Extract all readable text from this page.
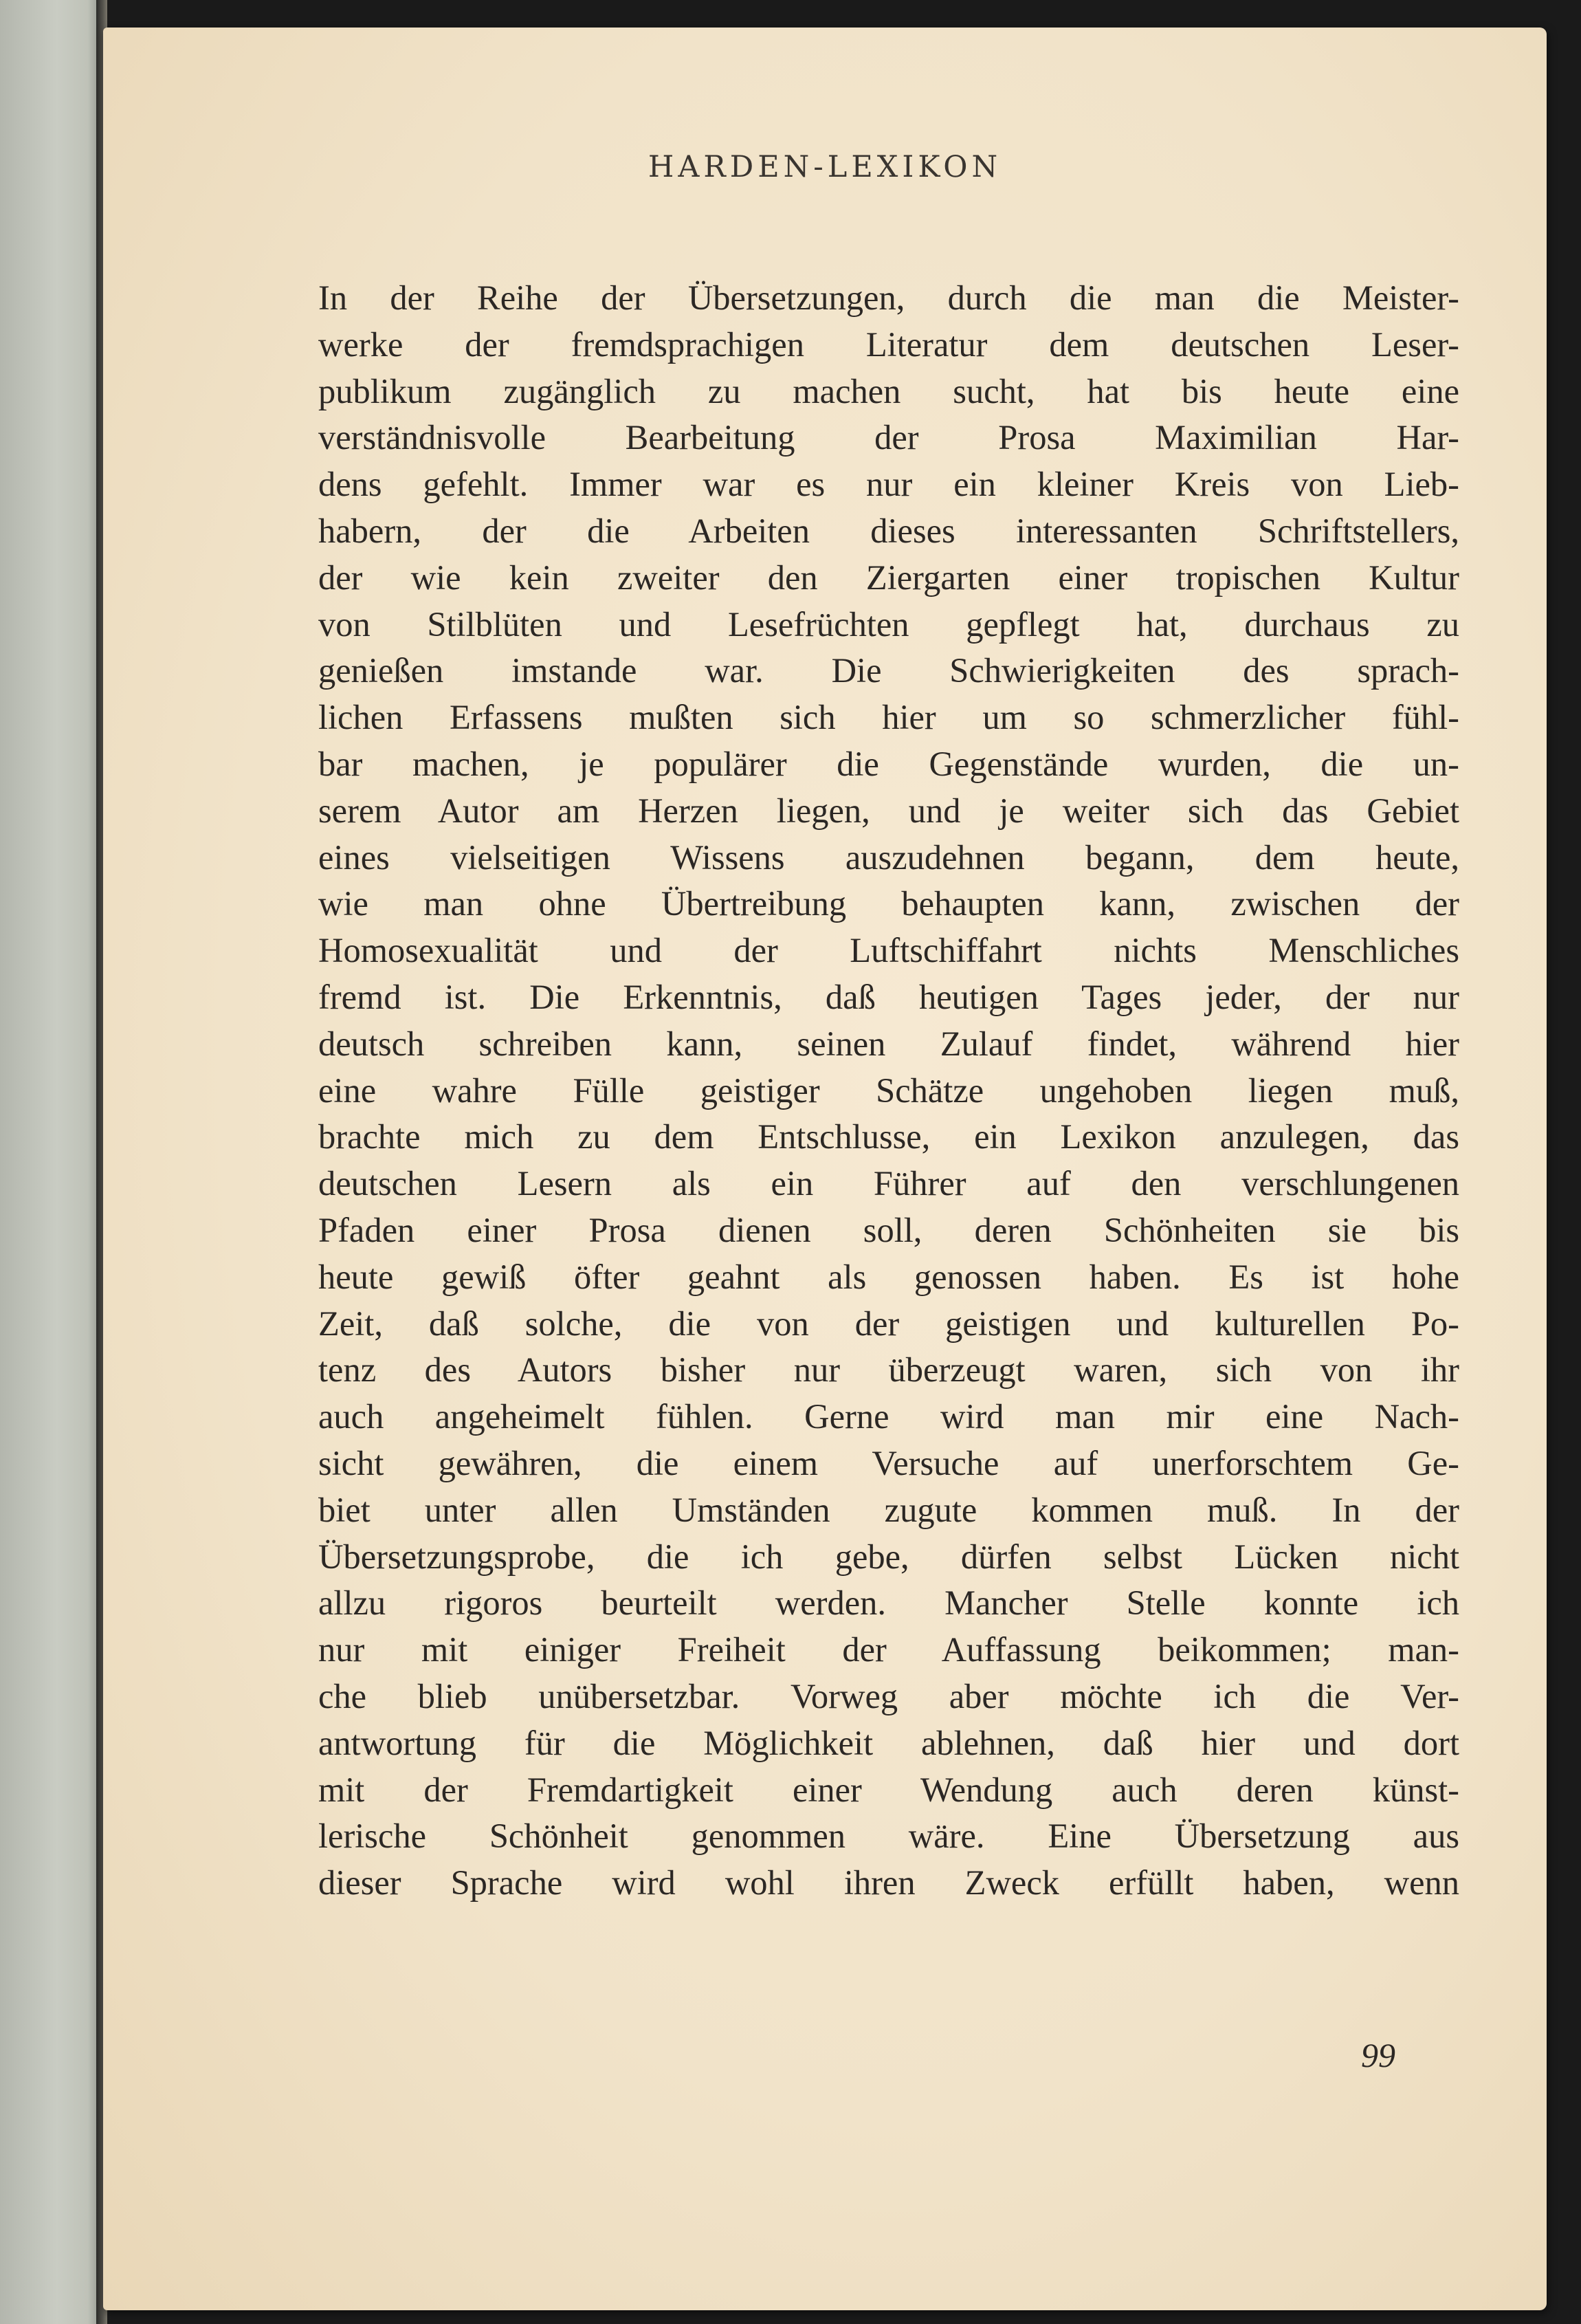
HARDEN-LEXIKON
In der Reihe der Übersetzungen, durch die man die Meister-
werke der fremdsprachigen Literatur dem deutschen Leser-
publikum zugänglich zu machen sucht, hat bis heute eine
verständnisvolle Bearbeitung der Prosa Maximilian Har-
dens gefehlt. Immer war es nur ein kleiner Kreis von Lieb-
habern, der die Arbeiten dieses interessanten Schriftstellers,
der wie kein zweiter den Ziergarten einer tropischen Kultur
von Stilblüten und Lesefrüchten gepflegt hat, durchaus zu
genießen imstande war. Die Schwierigkeiten des sprach-
lichen Erfassens mußten sich hier um so schmerzlicher fühl-
bar machen, je populärer die Gegenstände wurden, die un-
serem Autor am Herzen liegen, und je weiter sich das Gebiet
eines vielseitigen Wissens auszudehnen begann, dem heute,
wie man ohne Übertreibung behaupten kann, zwischen der
Homosexualität und der Luftschiffahrt nichts Menschliches
fremd ist. Die Erkenntnis, daß heutigen Tages jeder, der nur
deutsch schreiben kann, seinen Zulauf findet, während hier
eine wahre Fülle geistiger Schätze ungehoben liegen muß,
brachte mich zu dem Entschlusse, ein Lexikon anzulegen, das
deutschen Lesern als ein Führer auf den verschlungenen
Pfaden einer Prosa dienen soll, deren Schönheiten sie bis
heute gewiß öfter geahnt als genossen haben. Es ist hohe
Zeit, daß solche, die von der geistigen und kulturellen Po-
tenz des Autors bisher nur überzeugt waren, sich von ihr
auch angeheimelt fühlen. Gerne wird man mir eine Nach-
sicht gewähren, die einem Versuche auf unerforschtem Ge-
biet unter allen Umständen zugute kommen muß. In der
Übersetzungsprobe, die ich gebe, dürfen selbst Lücken nicht
allzu rigoros beurteilt werden. Mancher Stelle konnte ich
nur mit einiger Freiheit der Auffassung beikommen; man-
che blieb unübersetzbar. Vorweg aber möchte ich die Ver-
antwortung für die Möglichkeit ablehnen, daß hier und dort
mit der Fremdartigkeit einer Wendung auch deren künst-
lerische Schönheit genommen wäre. Eine Übersetzung aus
dieser Sprache wird wohl ihren Zweck erfüllt haben, wenn
99
